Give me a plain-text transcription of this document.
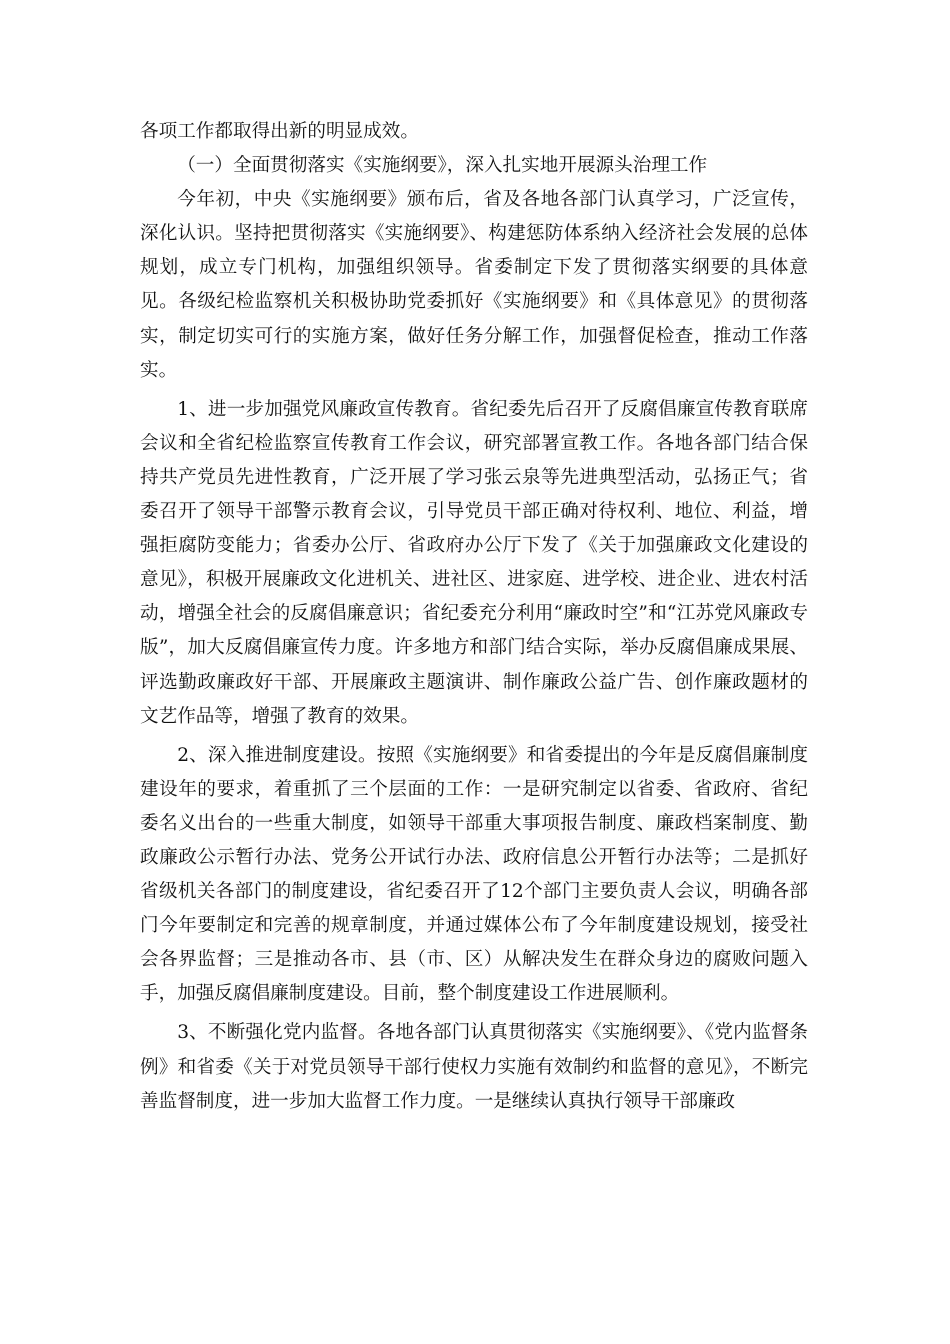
各项工作都取得出新的明显成效。

（一）全面贯彻落实《实施纲要》，深入扎实地开展源头治理工作

今年初，中央《实施纲要》颁布后，省及各地各部门认真学习，广泛宣传，深化认识。坚持把贯彻落实《实施纲要》、构建惩防体系纳入经济社会发展的总体规划，成立专门机构，加强组织领导。省委制定下发了贯彻落实纲要的具体意见。各级纪检监察机关积极协助党委抓好《实施纲要》和《具体意见》的贯彻落实，制定切实可行的实施方案，做好任务分解工作，加强督促检查，推动工作落实。

1、进一步加强党风廉政宣传教育。省纪委先后召开了反腐倡廉宣传教育联席会议和全省纪检监察宣传教育工作会议，研究部署宣教工作。各地各部门结合保持共产党员先进性教育，广泛开展了学习张云泉等先进典型活动，弘扬正气；省委召开了领导干部警示教育会议，引导党员干部正确对待权利、地位、利益，增强拒腐防变能力；省委办公厅、省政府办公厅下发了《关于加强廉政文化建设的意见》，积极开展廉政文化进机关、进社区、进家庭、进学校、进企业、进农村活动，增强全社会的反腐倡廉意识；省纪委充分利用“廉政时空”和“江苏党风廉政专版”，加大反腐倡廉宣传力度。许多地方和部门结合实际，举办反腐倡廉成果展、评选勤政廉政好干部、开展廉政主题演讲、制作廉政公益广告、创作廉政题材的文艺作品等，增强了教育的效果。

2、深入推进制度建设。按照《实施纲要》和省委提出的今年是反腐倡廉制度建设年的要求，着重抓了三个层面的工作：一是研究制定以省委、省政府、省纪委名义出台的一些重大制度，如领导干部重大事项报告制度、廉政档案制度、勤政廉政公示暂行办法、党务公开试行办法、政府信息公开暂行办法等；二是抓好省级机关各部门的制度建设，省纪委召开了12个部门主要负责人会议，明确各部门今年要制定和完善的规章制度，并通过媒体公布了今年制度建设规划，接受社会各界监督；三是推动各市、县（市、区）从解决发生在群众身边的腐败问题入手，加强反腐倡廉制度建设。目前，整个制度建设工作进展顺利。

3、不断强化党内监督。各地各部门认真贯彻落实《实施纲要》、《党内监督条例》和省委《关于对党员领导干部行使权力实施有效制约和监督的意见》，不断完善监督制度，进一步加大监督工作力度。一是继续认真执行领导干部廉政
